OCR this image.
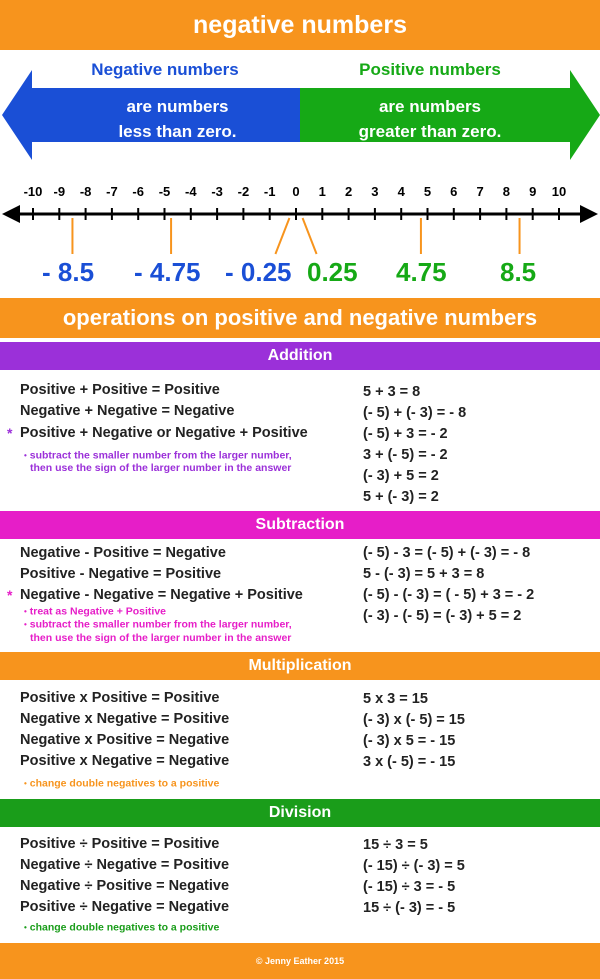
negative numbers
Negative numbers	Positive numbers
are numbers
less than zero.
are numbers
greater than zero.
-10 -9 -8 -7 -6 -5 -4 -3 -2 -1 0 1 2 3 4 5 6 7 8 9 10
- 8.5 - 4.75 - 0.25 0.25 4.75 8.5
operations on positive and negative numbers
Addition
Positive + Positive = Positive
Negative + Negative = Negative
* Positive + Negative or Negative + Positive
• subtract the smaller number from the larger number,
then use the sign of the larger number in the answer
5 + 3 = 8
(- 5) + (- 3) = - 8
(- 5) + 3 = - 2
3 + (- 5) = - 2
(- 3) + 5 = 2
5 + (- 3) = 2
Subtraction
Negative - Positive = Negative
Positive - Negative = Positive
* Negative - Negative = Negative + Positive
• treat as Negative + Positive
• subtract the smaller number from the larger number,
then use the sign of the larger number in the answer
(- 5) - 3 = (- 5) + (- 3) = - 8
5 - (- 3) = 5 + 3 = 8
(- 5) - (- 3) = ( - 5) + 3 = - 2
(- 3) - (- 5) = (- 3) + 5 = 2
Multiplication
Positive x Positive = Positive
Negative x Negative = Positive
Negative x Positive = Negative
Positive x Negative = Negative
• change double negatives to a positive
5 x 3 = 15
(- 3) x (- 5) = 15
(- 3) x 5 = - 15
3 x (- 5) = - 15
Division
Positive ÷ Positive = Positive
Negative ÷ Negative = Positive
Negative ÷ Positive = Negative
Positive ÷ Negative = Negative
• change double negatives to a positive
15 ÷ 3 = 5
(- 15) ÷ (- 3) = 5
(- 15) ÷ 3 = - 5
15 ÷ (- 3) = - 5
© Jenny Eather 2015
